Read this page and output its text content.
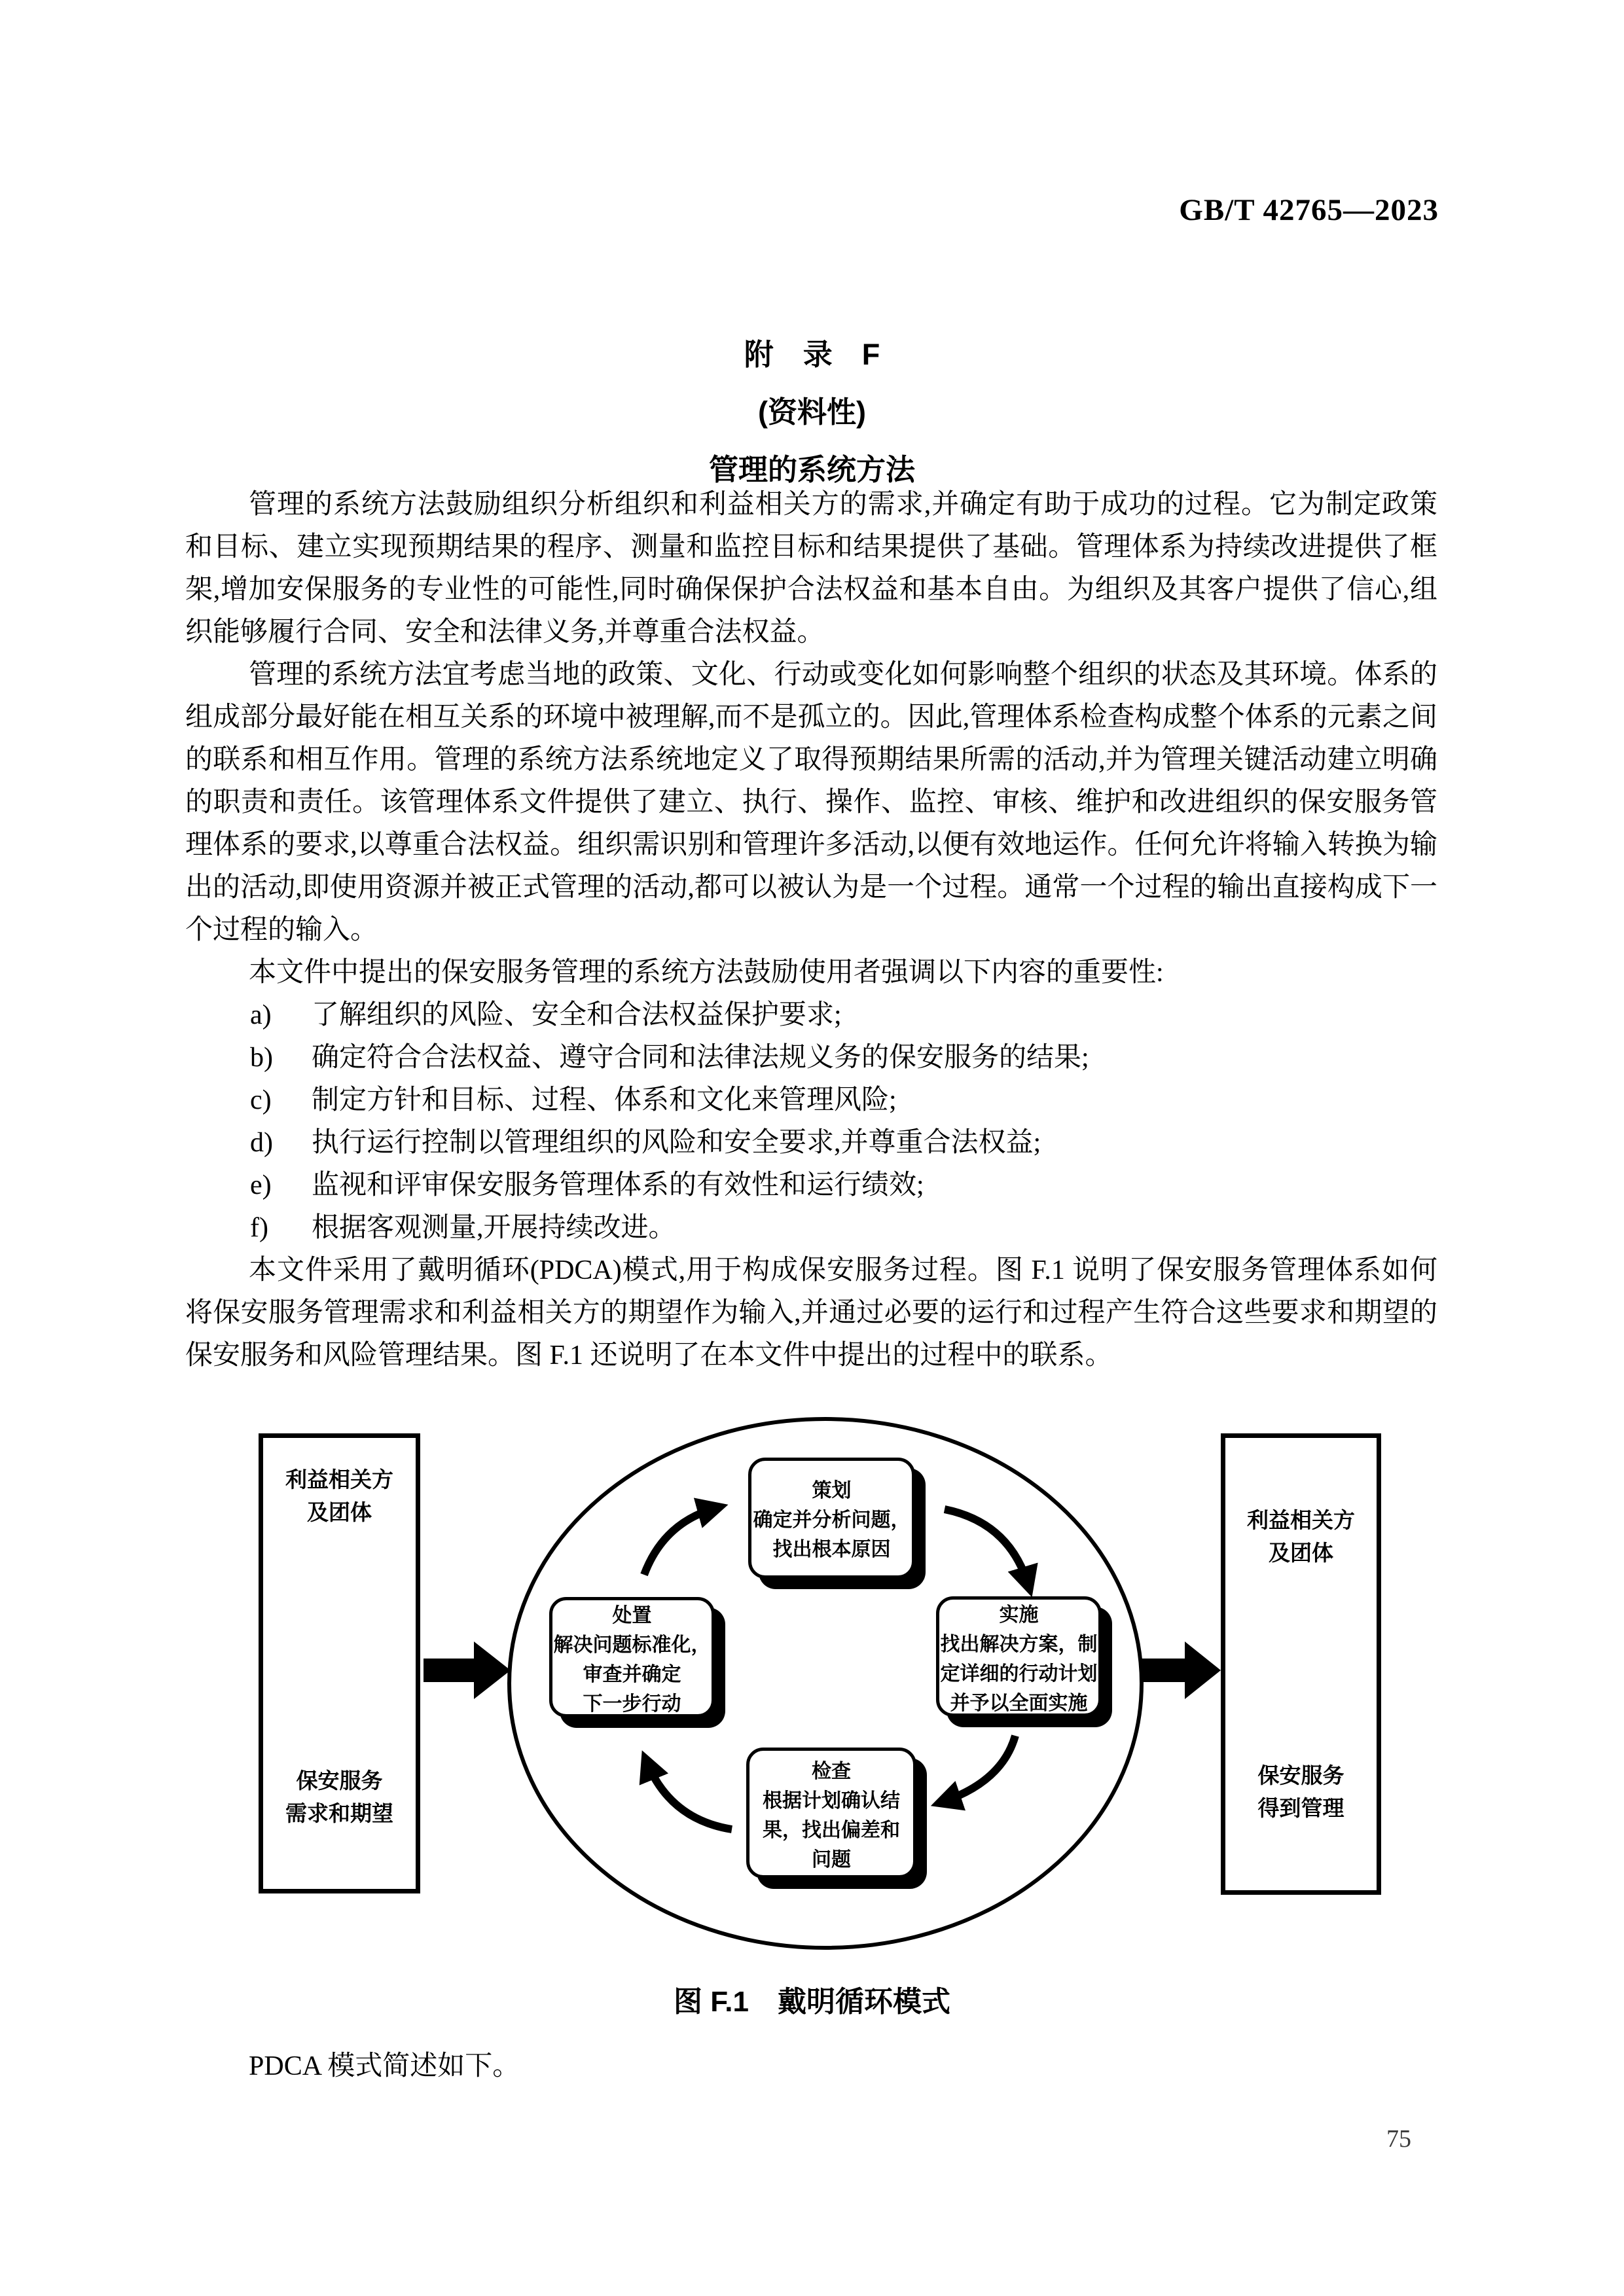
GB/T 42765—2023
附　录　F
(资料性)
管理的系统方法

管理的系统方法鼓励组织分析组织和利益相关方的需求,并确定有助于成功的过程。它为制定政策和目标、建立实现预期结果的程序、测量和监控目标和结果提供了基础。管理体系为持续改进提供了框架,增加安保服务的专业性的可能性,同时确保保护合法权益和基本自由。为组织及其客户提供了信心,组织能够履行合同、安全和法律义务,并尊重合法权益。

管理的系统方法宜考虑当地的政策、文化、行动或变化如何影响整个组织的状态及其环境。体系的组成部分最好能在相互关系的环境中被理解,而不是孤立的。因此,管理体系检查构成整个体系的元素之间的联系和相互作用。管理的系统方法系统地定义了取得预期结果所需的活动,并为管理关键活动建立明确的职责和责任。该管理体系文件提供了建立、执行、操作、监控、审核、维护和改进组织的保安服务管理体系的要求,以尊重合法权益。组织需识别和管理许多活动,以便有效地运作。任何允许将输入转换为输出的活动,即使用资源并被正式管理的活动,都可以被认为是一个过程。通常一个过程的输出直接构成下一个过程的输入。

本文件中提出的保安服务管理的系统方法鼓励使用者强调以下内容的重要性:

a) 了解组织的风险、安全和合法权益保护要求;
b) 确定符合合法权益、遵守合同和法律法规义务的保安服务的结果;
c) 制定方针和目标、过程、体系和文化来管理风险;
d) 执行运行控制以管理组织的风险和安全要求,并尊重合法权益;
e) 监视和评审保安服务管理体系的有效性和运行绩效;
f) 根据客观测量,开展持续改进。

本文件采用了戴明循环(PDCA)模式,用于构成保安服务过程。图 F.1 说明了保安服务管理体系如何将保安服务管理需求和利益相关方的期望作为输入,并通过必要的运行和过程产生符合这些要求和期望的保安服务和风险管理结果。图 F.1 还说明了在本文件中提出的过程中的联系。

利益相关方
及团体
保安服务
需求和期望
利益相关方
及团体
保安服务
得到管理
策划
确定并分析问题，
找出根本原因
实施
找出解决方案，制
定详细的行动计划
并予以全面实施
检查
根据计划确认结
果，找出偏差和
问题
处置
解决问题标准化，
审查并确定
下一步行动
图 F.1　戴明循环模式

PDCA 模式简述如下。

75
